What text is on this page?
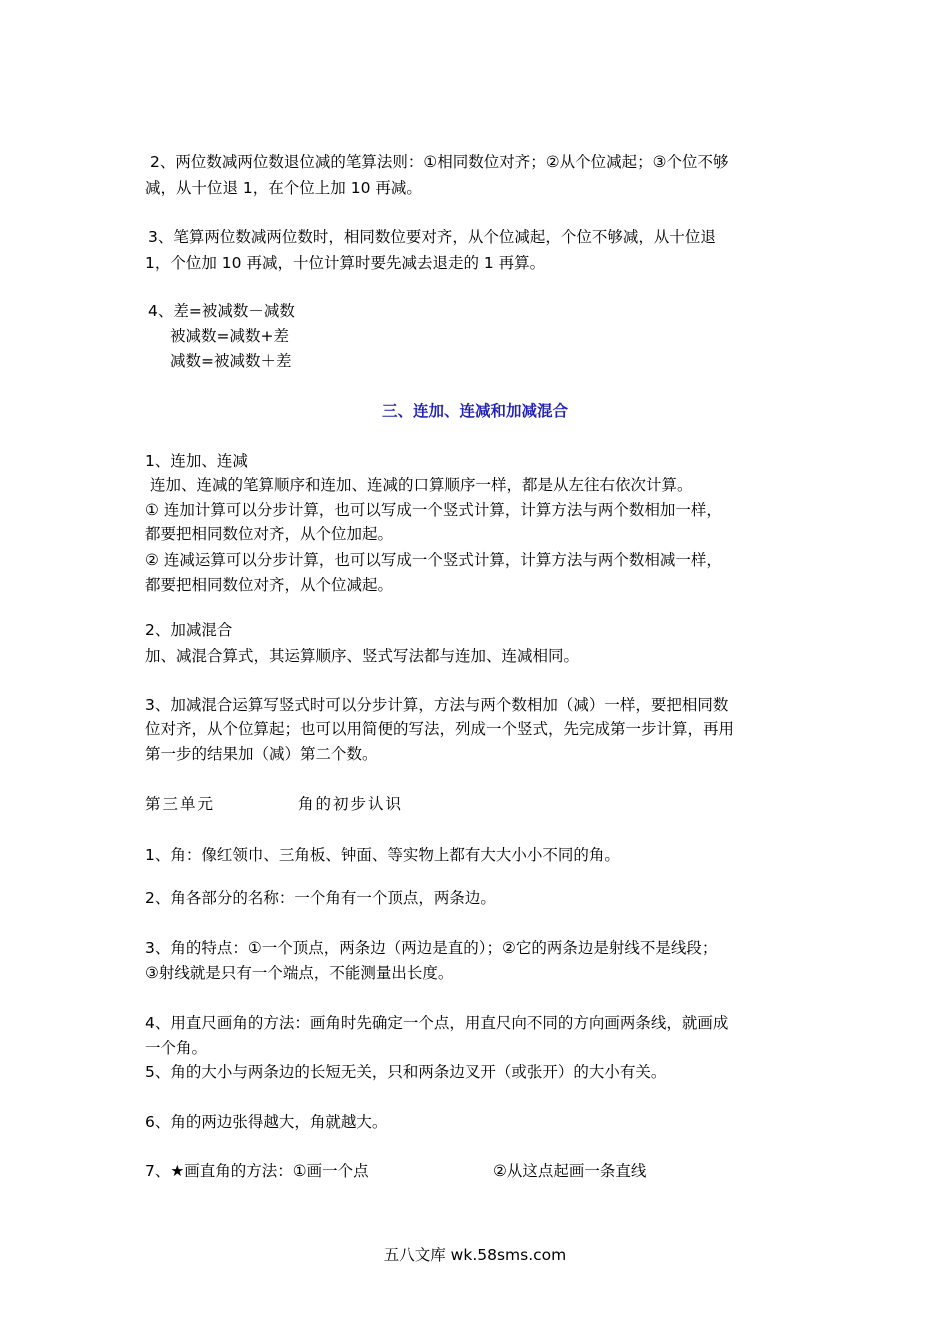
2、两位数减两位数退位减的笔算法则：①相同数位对齐；②从个位减起；③个位不够

减，从十位退 1，在个位上加 10 再减。

3、笔算两位数减两位数时，相同数位要对齐，从个位减起，个位不够减，从十位退

1，个位加 10 再减，十位计算时要先减去退走的 1 再算。

4、差=被减数－减数

被减数=减数+差

减数=被减数＋差

三、连加、连减和加减混合

1、连加、连减

连加、连减的笔算顺序和连加、连减的口算顺序一样，都是从左往右依次计算。

① 连加计算可以分步计算，也可以写成一个竖式计算，计算方法与两个数相加一样，

都要把相同数位对齐，从个位加起。

② 连减运算可以分步计算，也可以写成一个竖式计算，计算方法与两个数相减一样，

都要把相同数位对齐，从个位减起。

2、加减混合

加、减混合算式，其运算顺序、竖式写法都与连加、连减相同。

3、加减混合运算写竖式时可以分步计算，方法与两个数相加（减）一样，要把相同数

位对齐，从个位算起；也可以用简便的写法，列成一个竖式，先完成第一步计算，再用

第一步的结果加（减）第二个数。

第三单元	角的初步认识

1、角：像红领巾、三角板、钟面、等实物上都有大大小小不同的角。

2、角各部分的名称：一个角有一个顶点，两条边。

3、角的特点：①一个顶点，两条边（两边是直的）；②它的两条边是射线不是线段；

③射线就是只有一个端点，不能测量出长度。

4、用直尺画角的方法：画角时先确定一个点，用直尺向不同的方向画两条线，就画成

一个角。

5、角的大小与两条边的长短无关，只和两条边叉开（或张开）的大小有关。

6、角的两边张得越大，角就越大。

7、★画直角的方法：①画一个点	②从这点起画一条直线

五八文库 wk.58sms.com
